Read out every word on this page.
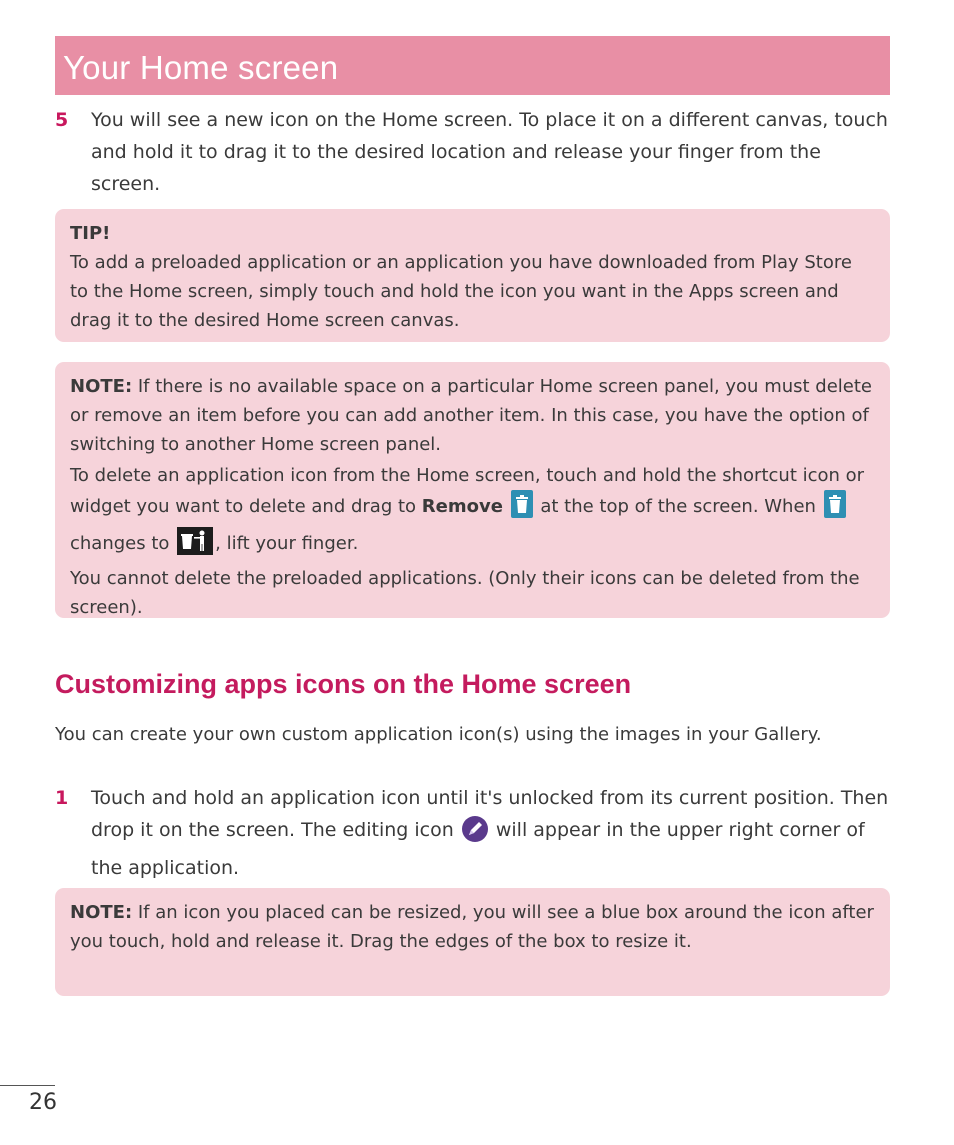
Your Home screen
5 You will see a new icon on the Home screen. To place it on a different canvas, touch and hold it to drag it to the desired location and release your finger from the screen.

TIP!

To add a preloaded application or an application you have downloaded from Play Store to the Home screen, simply touch and hold the icon you want in the Apps screen and drag it to the desired Home screen canvas.

NOTE: If there is no available space on a particular Home screen panel, you must delete or remove an item before you can add another item. In this case, you have the option of switching to another Home screen panel.

To delete an application icon from the Home screen, touch and hold the shortcut icon or widget you want to delete and drag to Remove  at the top of the screen. When  changes to , lift your finger.

You cannot delete the preloaded applications. (Only their icons can be deleted from the screen).

Customizing apps icons on the Home screen

You can create your own custom application icon(s) using the images in your Gallery.

1 Touch and hold an application icon until it's unlocked from its current position. Then drop it on the screen. The editing icon  will appear in the upper right corner of the application.

NOTE: If an icon you placed can be resized, you will see a blue box around the icon after you touch, hold and release it. Drag the edges of the box to resize it.

26
